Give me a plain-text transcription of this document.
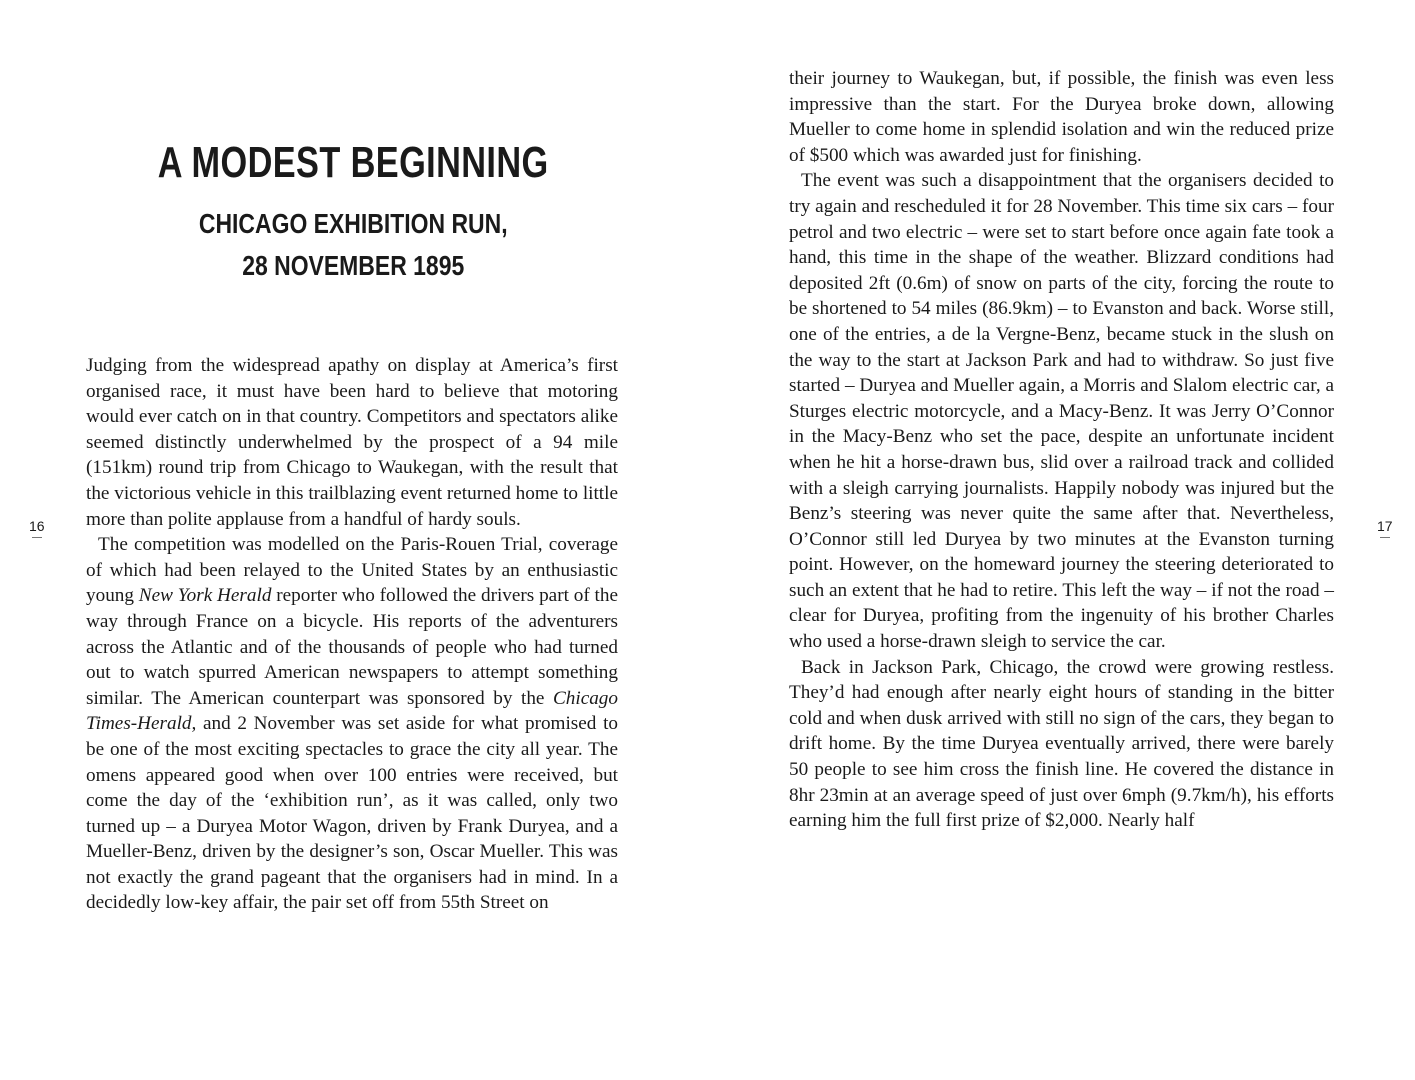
16
A MODEST BEGINNING
CHICAGO EXHIBITION RUN,
28 NOVEMBER 1895

Judging from the widespread apathy on display at America’s first organised race, it must have been hard to believe that motoring would ever catch on in that country. Competitors and spectators alike seemed distinctly underwhelmed by the prospect of a 94 mile (151km) round trip from Chicago to Waukegan, with the result that the victorious vehicle in this trailblazing event returned home to little more than polite applause from a handful of hardy souls.

The competition was modelled on the Paris-Rouen Trial, coverage of which had been relayed to the United States by an enthusiastic young New York Herald reporter who followed the drivers part of the way through France on a bicycle. His reports of the adventurers across the Atlantic and of the thousands of people who had turned out to watch spurred American newspapers to attempt something similar. The American counterpart was sponsored by the Chicago Times-Herald, and 2 November was set aside for what promised to be one of the most exciting spectacles to grace the city all year. The omens appeared good when over 100 entries were received, but come the day of the ‘exhibition run’, as it was called, only two turned up – a Duryea Motor Wagon, driven by Frank Duryea, and a Mueller-Benz, driven by the designer’s son, Oscar Mueller. This was not exactly the grand pageant that the organisers had in mind. In a decidedly low-key affair, the pair set off from 55th Street on

their journey to Waukegan, but, if possible, the finish was even less impressive than the start. For the Duryea broke down, allowing Mueller to come home in splendid isolation and win the reduced prize of $500 which was awarded just for finishing.

The event was such a disappointment that the organisers decided to try again and rescheduled it for 28 November. This time six cars – four petrol and two electric – were set to start before once again fate took a hand, this time in the shape of the weather. Blizzard conditions had deposited 2ft (0.6m) of snow on parts of the city, forcing the route to be shortened to 54 miles (86.9km) – to Evanston and back. Worse still, one of the entries, a de la Vergne-Benz, became stuck in the slush on the way to the start at Jackson Park and had to withdraw. So just five started – Duryea and Mueller again, a Morris and Slalom electric car, a Sturges electric motorcycle, and a Macy-Benz. It was Jerry O’Connor in the Macy-Benz who set the pace, despite an unfortunate incident when he hit a horse-drawn bus, slid over a railroad track and collided with a sleigh carrying journalists. Happily nobody was injured but the Benz’s steering was never quite the same after that. Nevertheless, O’Connor still led Duryea by two minutes at the Evanston turning point. However, on the homeward journey the steering deteriorated to such an extent that he had to retire. This left the way – if not the road – clear for Duryea, profiting from the ingenuity of his brother Charles who used a horse-drawn sleigh to service the car.

Back in Jackson Park, Chicago, the crowd were growing restless. They’d had enough after nearly eight hours of standing in the bitter cold and when dusk arrived with still no sign of the cars, they began to drift home. By the time Duryea eventually arrived, there were barely 50 people to see him cross the finish line. He covered the distance in 8hr 23min at an average speed of just over 6mph (9.7km/h), his efforts earning him the full first prize of $2,000. Nearly half

17
